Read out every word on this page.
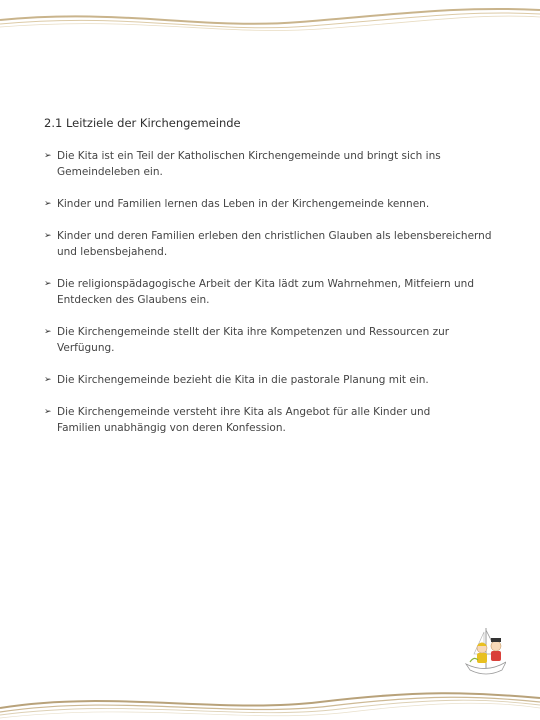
2.1 Leitziele der Kirchengemeinde
➢ Die Kita ist ein Teil der Katholischen Kirchengemeinde und bringt sich ins
Gemeindeleben ein.
➢ Kinder und Familien lernen das Leben in der Kirchengemeinde kennen.
➢ Kinder und deren Familien erleben den christlichen Glauben als lebensbereichernd
und lebensbejahend.
➢ Die religionspädagogische Arbeit der Kita lädt zum Wahrnehmen, Mitfeiern und
Entdecken des Glaubens ein.
➢ Die Kirchengemeinde stellt der Kita ihre Kompetenzen und Ressourcen zur Verfügung.
➢ Die Kirchengemeinde bezieht die Kita in die pastorale Planung mit ein.
➢ Die Kirchengemeinde versteht ihre Kita als Angebot für alle Kinder und
Familien unabhängig von deren Konfession.
